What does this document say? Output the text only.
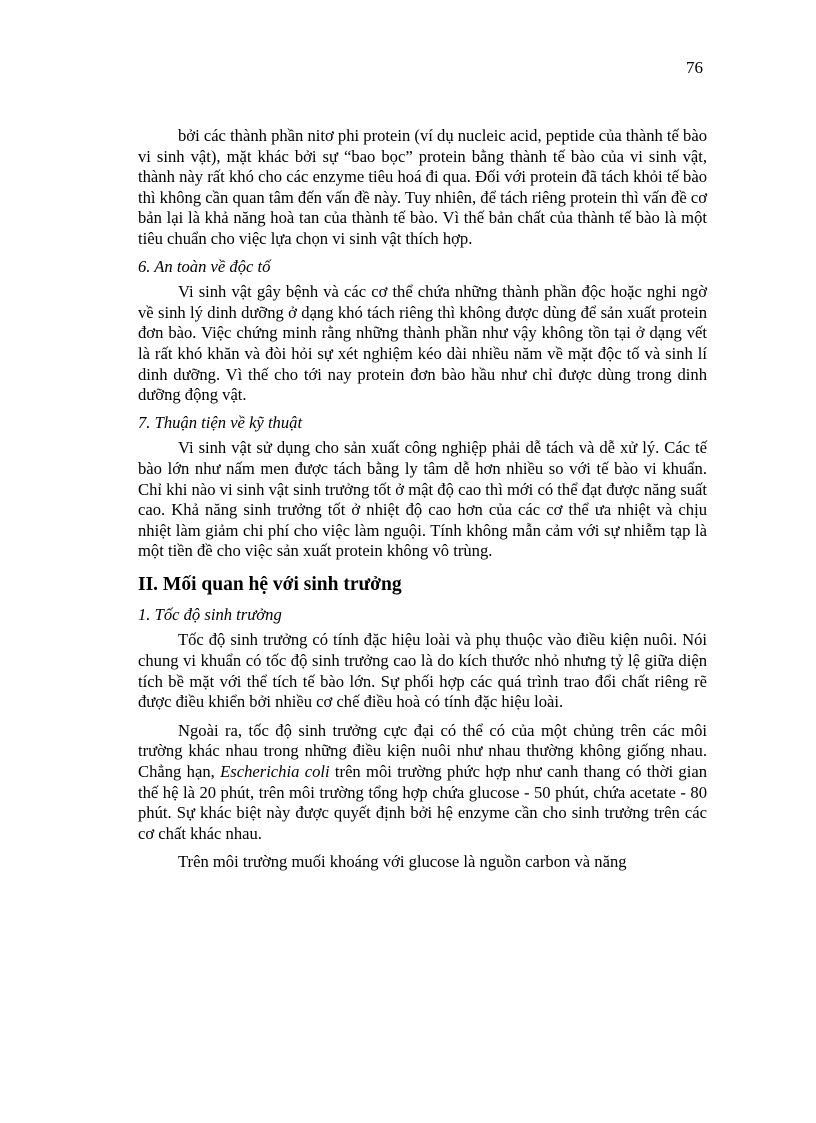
76

bởi các thành phần nitơ phi protein (ví dụ nucleic acid, peptide của thành tế bào vi sinh vật), mặt khác bởi sự “bao bọc” protein bằng thành tế bào của vi sinh vật, thành này rất khó cho các enzyme tiêu hoá đi qua. Đối với protein đã tách khỏi tế bào thì không cần quan tâm đến vấn đề này. Tuy nhiên, để tách riêng protein thì vấn đề cơ bản lại là khả năng hoà tan của thành tế bào. Vì thế bản chất của thành tế bào là một tiêu chuẩn cho việc lựa chọn vi sinh vật thích hợp.

6. An toàn về độc tố

Vi sinh vật gây bệnh và các cơ thể chứa những thành phần độc hoặc nghi ngờ về sinh lý dinh dưỡng ở dạng khó tách riêng thì không được dùng để sản xuất protein đơn bào. Việc chứng minh rằng những thành phần như vậy không tồn tại ở dạng vết là rất khó khăn và đòi hỏi sự xét nghiệm kéo dài nhiều năm về mặt độc tố và sinh lí dinh dưỡng. Vì thế cho tới nay protein đơn bào hầu như chỉ được dùng trong dinh dưỡng động vật.

7. Thuận tiện về kỹ thuật

Vi sinh vật sử dụng cho sản xuất công nghiệp phải dễ tách và dễ xử lý. Các tế bào lớn như nấm men được tách bằng ly tâm dễ hơn nhiều so với tế bào vi khuẩn. Chỉ khi nào vi sinh vật sinh trưởng tốt ở mật độ cao thì mới có thể đạt được năng suất cao. Khả năng sinh trưởng tốt ở nhiệt độ cao hơn của các cơ thể ưa nhiệt và chịu nhiệt làm giảm chi phí cho việc làm nguội. Tính không mẫn cảm với sự nhiễm tạp là một tiền đề cho việc sản xuất protein không vô trùng.

II. Mối quan hệ với sinh trưởng
1. Tốc độ sinh trưởng

Tốc độ sinh trưởng có tính đặc hiệu loài và phụ thuộc vào điều kiện nuôi. Nói chung vi khuẩn có tốc độ sinh trưởng cao là do kích thước nhỏ nhưng tỷ lệ giữa diện tích bề mặt với thể tích tế bào lớn. Sự phối hợp các quá trình trao đổi chất riêng rẽ được điều khiển bởi nhiều cơ chế điều hoà có tính đặc hiệu loài.

Ngoài ra, tốc độ sinh trưởng cực đại có thể có của một chủng trên các môi trường khác nhau trong những điều kiện nuôi như nhau thường không giống nhau. Chẳng hạn, Escherichia coli trên môi trường phức hợp như canh thang có thời gian thế hệ là 20 phút, trên môi trường tổng hợp chứa glucose - 50 phút, chứa acetate - 80 phút. Sự khác biệt này được quyết định bởi hệ enzyme cần cho sinh trưởng trên các cơ chất khác nhau.

Trên môi trường muối khoáng với glucose là nguồn carbon và năng
